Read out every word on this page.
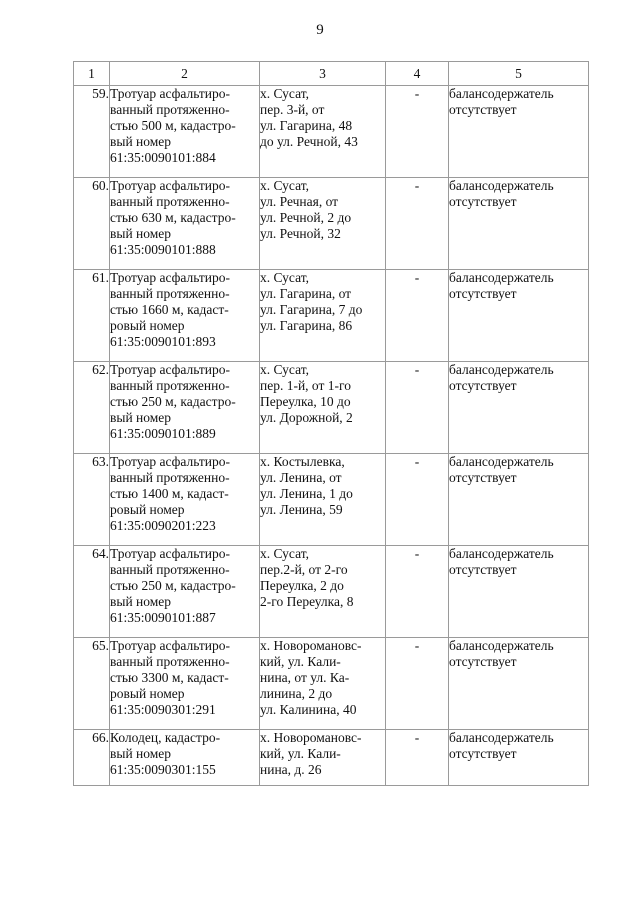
9
1	2	3	4	5
59.	Тротуар асфальтиро-
ванный протяженно-
стью 500 м, кадастро-
вый номер
61:35:0090101:884	х. Сусат,
пер. 3-й, от
ул. Гагарина, 48
до ул. Речной, 43	-	балансодержатель
отсутствует

60.	Тротуар асфальтиро-
ванный протяженно-
стью 630 м, кадастро-
вый номер
61:35:0090101:888	х. Сусат,
ул. Речная, от
ул. Речной, 2 до
ул. Речной, 32	-	балансодержатель
отсутствует

61.	Тротуар асфальтиро-
ванный протяженно-
стью 1660 м, кадаст-
ровый номер
61:35:0090101:893	х. Сусат,
ул. Гагарина, от
ул. Гагарина, 7 до
ул. Гагарина, 86	-	балансодержатель
отсутствует

62.	Тротуар асфальтиро-
ванный протяженно-
стью 250 м, кадастро-
вый номер
61:35:0090101:889	х. Сусат,
пер. 1-й, от 1-го
Переулка, 10 до
ул. Дорожной, 2	-	балансодержатель
отсутствует

63.	Тротуар асфальтиро-
ванный протяженно-
стью 1400 м, кадаст-
ровый номер
61:35:0090201:223	х. Костылевка,
ул. Ленина, от
ул. Ленина, 1 до
ул. Ленина, 59	-	балансодержатель
отсутствует

64.	Тротуар асфальтиро-
ванный протяженно-
стью 250 м, кадастро-
вый номер
61:35:0090101:887	х. Сусат,
пер.2-й, от 2-го
Переулка, 2 до
2-го Переулка, 8	-	балансодержатель
отсутствует

65.	Тротуар асфальтиро-
ванный протяженно-
стью 3300 м, кадаст-
ровый номер
61:35:0090301:291	х. Новоромановс-
кий, ул. Кали-
нина, от ул. Ка-
линина, 2 до
ул. Калинина, 40	-	балансодержатель
отсутствует

66.	Колодец, кадастро-
вый номер
61:35:0090301:155	х. Новоромановс-
кий, ул. Кали-
нина, д. 26	-	балансодержатель
отсутствует
